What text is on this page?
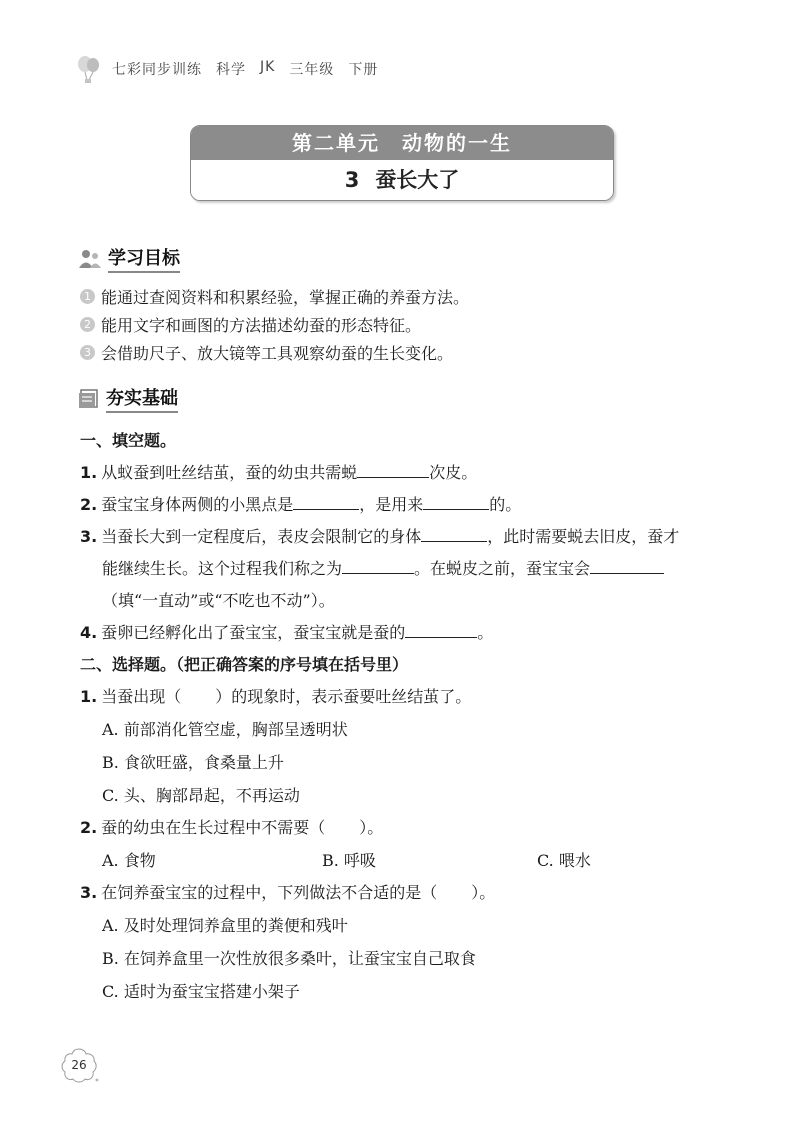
七彩同步训练 科学 JK 三年级 下册
第二单元　动物的一生
3 蚕长大了
学习目标
1 能通过查阅资料和积累经验，掌握正确的养蚕方法。
2 能用文字和画图的方法描述幼蚕的形态特征。
3 会借助尺子、放大镜等工具观察幼蚕的生长变化。
夯实基础
一、填空题。
1. 从蚁蚕到吐丝结茧，蚕的幼虫共需蜕	次皮。
2. 蚕宝宝身体两侧的小黑点是	，是用来	的。
3. 当蚕长大到一定程度后，表皮会限制它的身体	，此时需要蜕去旧皮，蚕才
能继续生长。这个过程我们称之为	。在蜕皮之前，蚕宝宝会
（填“一直动”或“不吃也不动”）。
4. 蚕卵已经孵化出了蚕宝宝，蚕宝宝就是蚕的	。
二、选择题。（把正确答案的序号填在括号里）
1. 当蚕出现（ ）的现象时，表示蚕要吐丝结茧了。
A. 前部消化管空虚，胸部呈透明状
B. 食欲旺盛，食桑量上升
C. 头、胸部昂起，不再运动
2. 蚕的幼虫在生长过程中不需要（ ）。
A. 食物	B. 呼吸	C. 喂水
3. 在饲养蚕宝宝的过程中，下列做法不合适的是（ ）。
A. 及时处理饲养盒里的粪便和残叶
B. 在饲养盒里一次性放很多桑叶，让蚕宝宝自己取食
C. 适时为蚕宝宝搭建小架子
26
